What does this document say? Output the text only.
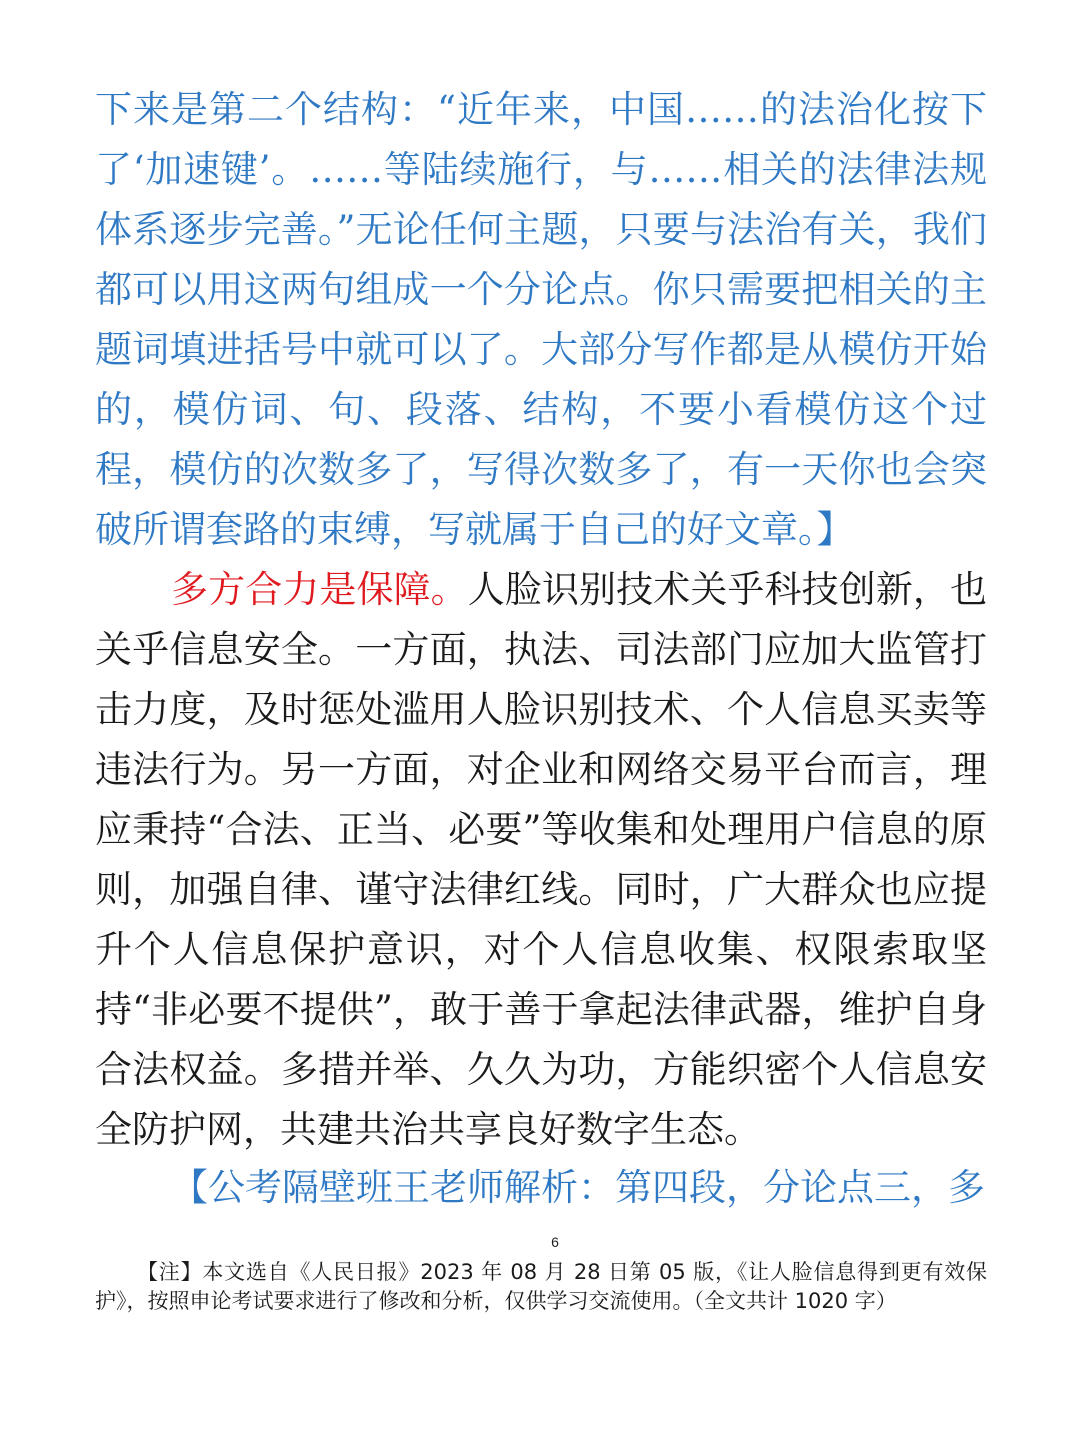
下来是第二个结构：“近年来，中国……的法治化按下了‘加速键’。……等陆续施行，与……相关的法律法规体系逐步完善。”无论任何主题，只要与法治有关，我们都可以用这两句组成一个分论点。你只需要把相关的主题词填进括号中就可以了。大部分写作都是从模仿开始的，模仿词、句、段落、结构，不要小看模仿这个过程，模仿的次数多了，写得次数多了，有一天你也会突破所谓套路的束缚，写就属于自己的好文章。】

多方合力是保障。人脸识别技术关乎科技创新，也关乎信息安全。一方面，执法、司法部门应加大监管打击力度，及时惩处滥用人脸识别技术、个人信息买卖等违法行为。另一方面，对企业和网络交易平台而言，理应秉持“合法、正当、必要”等收集和处理用户信息的原则，加强自律、谨守法律红线。同时，广大群众也应提升个人信息保护意识，对个人信息收集、权限索取坚持“非必要不提供”，敢于善于拿起法律武器，维护自身合法权益。多措并举、久久为功，方能织密个人信息安全防护网，共建共治共享良好数字生态。

【公考隔壁班王老师解析：第四段，分论点三，多

6

【注】本文选自《人民日报》2023 年 08 月 28 日第 05 版，《让人脸信息得到更有效保护》，按照申论考试要求进行了修改和分析，仅供学习交流使用。（全文共计 1020 字）
